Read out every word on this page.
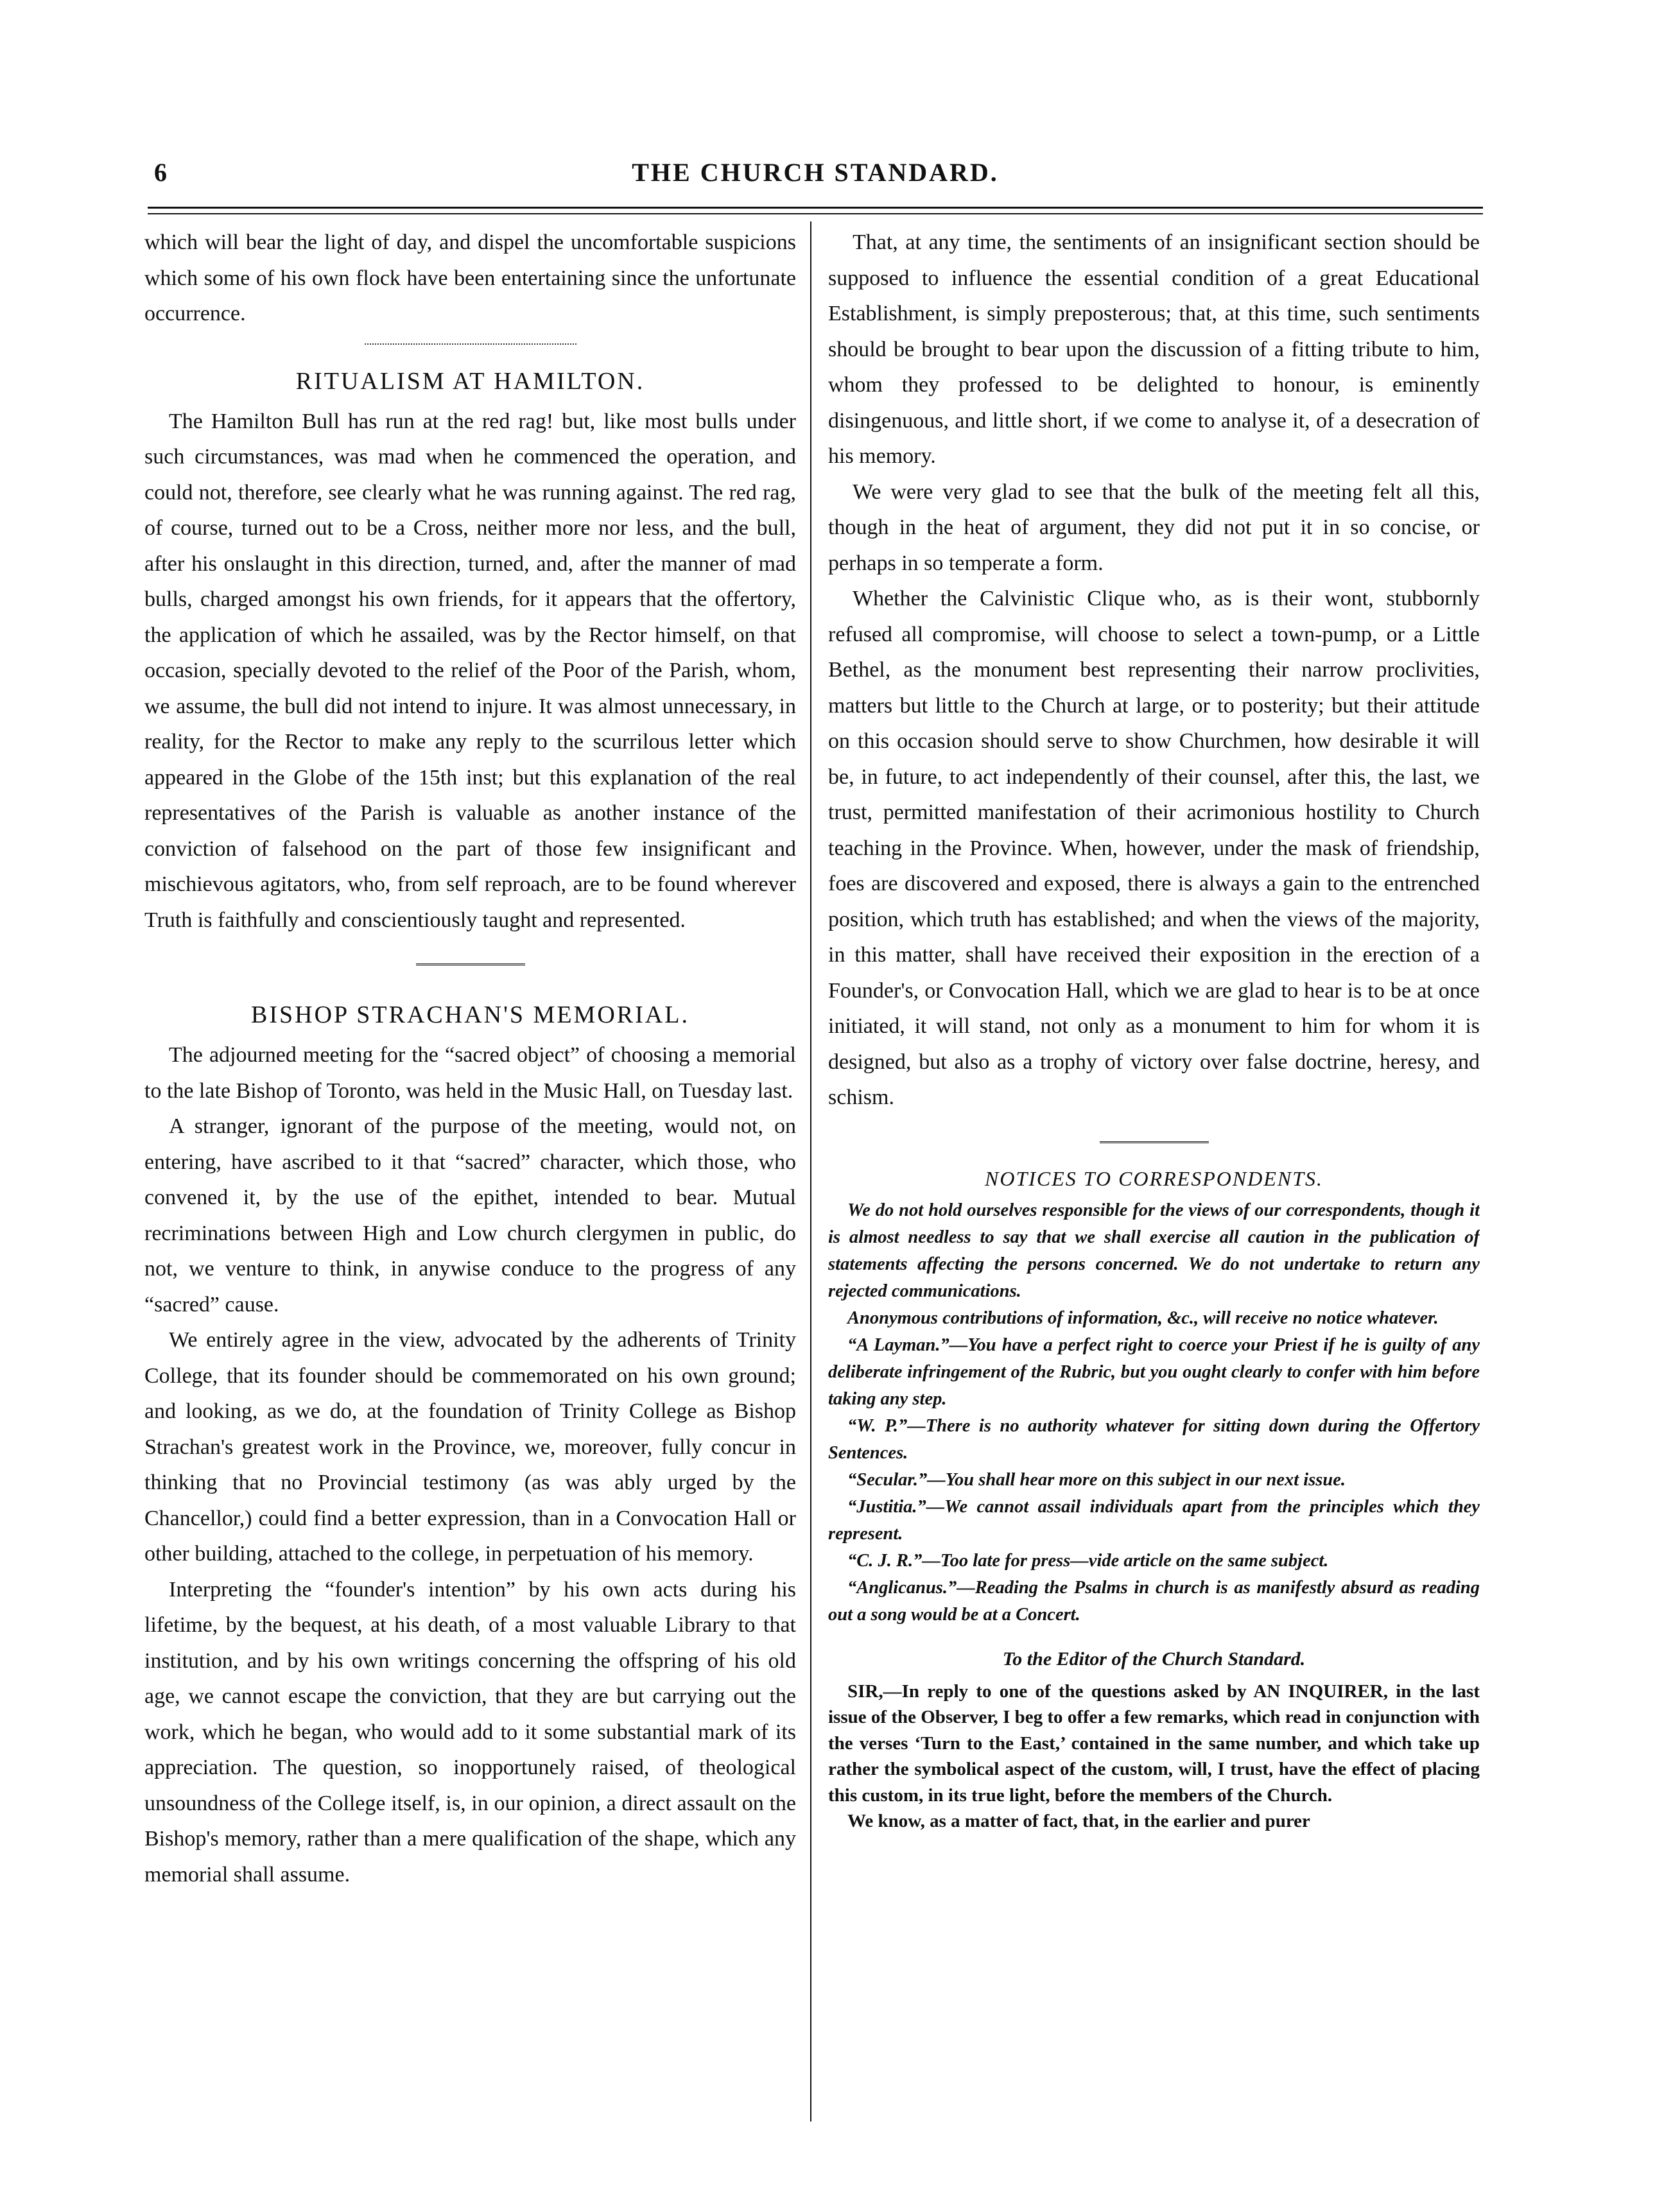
6	THE CHURCH STANDARD.

which will bear the light of day, and dispel the uncomfortable suspicions which some of his own flock have been entertaining since the unfortunate occurrence.

RITUALISM AT HAMILTON.

The Hamilton Bull has run at the red rag! but, like most bulls under such circumstances, was mad when he commenced the operation, and could not, therefore, see clearly what he was running against. The red rag, of course, turned out to be a Cross, neither more nor less, and the bull, after his onslaught in this direction, turned, and, after the manner of mad bulls, charged amongst his own friends, for it appears that the offertory, the application of which he assailed, was by the Rector himself, on that occasion, specially devoted to the relief of the Poor of the Parish, whom, we assume, the bull did not intend to injure. It was almost unnecessary, in reality, for the Rector to make any reply to the scurrilous letter which appeared in the Globe of the 15th inst; but this explanation of the real representatives of the Parish is valuable as another instance of the conviction of falsehood on the part of those few insignificant and mischievous agitators, who, from self reproach, are to be found wherever Truth is faithfully and conscientiously taught and represented.

BISHOP STRACHAN'S MEMORIAL.

The adjourned meeting for the “sacred object” of choosing a memorial to the late Bishop of Toronto, was held in the Music Hall, on Tuesday last.

A stranger, ignorant of the purpose of the meeting, would not, on entering, have ascribed to it that “sacred” character, which those, who convened it, by the use of the epithet, intended to bear. Mutual recriminations between High and Low church clergymen in public, do not, we venture to think, in anywise conduce to the progress of any “sacred” cause.

We entirely agree in the view, advocated by the adherents of Trinity College, that its founder should be commemorated on his own ground; and looking, as we do, at the foundation of Trinity College as Bishop Strachan's greatest work in the Province, we, moreover, fully concur in thinking that no Provincial testimony (as was ably urged by the Chancellor,) could find a better expression, than in a Convocation Hall or other building, attached to the college, in perpetuation of his memory.

Interpreting the “founder's intention” by his own acts during his lifetime, by the bequest, at his death, of a most valuable Library to that institution, and by his own writings concerning the offspring of his old age, we cannot escape the conviction, that they are but carrying out the work, which he began, who would add to it some substantial mark of its appreciation. The question, so inopportunely raised, of theological unsoundness of the College itself, is, in our opinion, a direct assault on the Bishop's memory, rather than a mere qualification of the shape, which any memorial shall assume.

That, at any time, the sentiments of an insignificant section should be supposed to influence the essential condition of a great Educational Establishment, is simply preposterous; that, at this time, such sentiments should be brought to bear upon the discussion of a fitting tribute to him, whom they professed to be delighted to honour, is eminently disingenuous, and little short, if we come to analyse it, of a desecration of his memory.

We were very glad to see that the bulk of the meeting felt all this, though in the heat of argument, they did not put it in so concise, or perhaps in so temperate a form.

Whether the Calvinistic Clique who, as is their wont, stubbornly refused all compromise, will choose to select a town-pump, or a Little Bethel, as the monument best representing their narrow proclivities, matters but little to the Church at large, or to posterity; but their attitude on this occasion should serve to show Churchmen, how desirable it will be, in future, to act independently of their counsel, after this, the last, we trust, permitted manifestation of their acrimonious hostility to Church teaching in the Province. When, however, under the mask of friendship, foes are discovered and exposed, there is always a gain to the entrenched position, which truth has established; and when the views of the majority, in this matter, shall have received their exposition in the erection of a Founder's, or Convocation Hall, which we are glad to hear is to be at once initiated, it will stand, not only as a monument to him for whom it is designed, but also as a trophy of victory over false doctrine, heresy, and schism.

NOTICES TO CORRESPONDENTS.

We do not hold ourselves responsible for the views of our correspondents, though it is almost needless to say that we shall exercise all caution in the publication of statements affecting the persons concerned. We do not undertake to return any rejected communications.

Anonymous contributions of information, &c., will receive no notice whatever.

“A Layman.”—You have a perfect right to coerce your Priest if he is guilty of any deliberate infringement of the Rubric, but you ought clearly to confer with him before taking any step.

“W. P.”—There is no authority whatever for sitting down during the Offertory Sentences.

“Secular.”—You shall hear more on this subject in our next issue.

“Justitia.”—We cannot assail individuals apart from the principles which they represent.

“C. J. R.”—Too late for press—vide article on the same subject.

“Anglicanus.”—Reading the Psalms in church is as manifestly absurd as reading out a song would be at a Concert.

To the Editor of the Church Standard.

SIR,—In reply to one of the questions asked by AN INQUIRER, in the last issue of the Observer, I beg to offer a few remarks, which read in conjunction with the verses ‘Turn to the East,’ contained in the same number, and which take up rather the symbolical aspect of the custom, will, I trust, have the effect of placing this custom, in its true light, before the members of the Church.

We know, as a matter of fact, that, in the earlier and purer
